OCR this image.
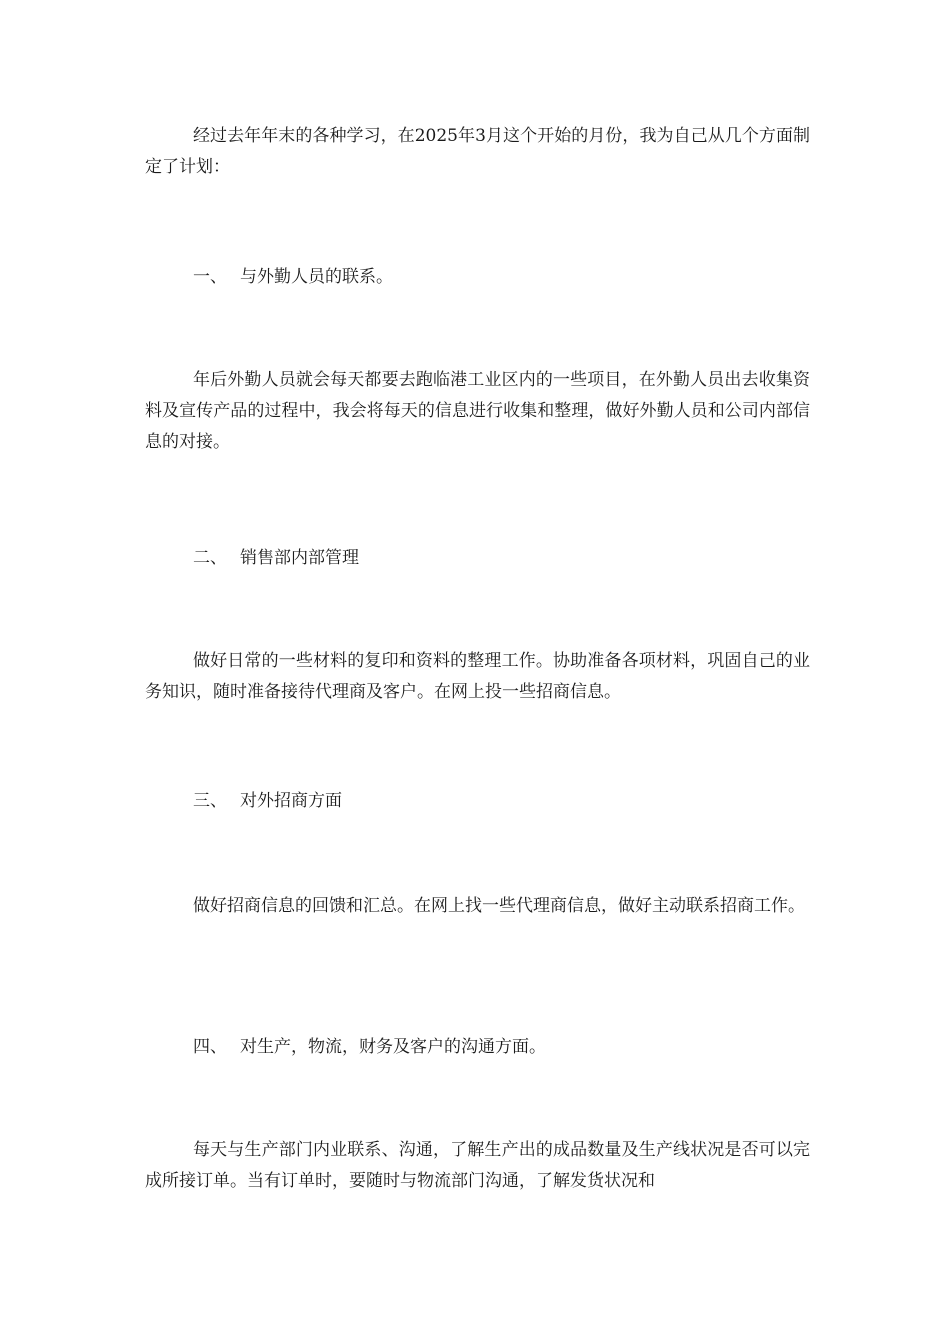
经过去年年末的各种学习，在2025年3月这个开始的月份，我为自己从几个方面制定了计划：

一、 与外勤人员的联系。

年后外勤人员就会每天都要去跑临港工业区内的一些项目，在外勤人员出去收集资料及宣传产品的过程中，我会将每天的信息进行收集和整理，做好外勤人员和公司内部信息的对接。

二、 销售部内部管理

做好日常的一些材料的复印和资料的整理工作。协助准备各项材料，巩固自己的业务知识，随时准备接待代理商及客户。在网上投一些招商信息。

三、 对外招商方面

做好招商信息的回馈和汇总。在网上找一些代理商信息，做好主动联系招商工作。

四、 对生产，物流，财务及客户的沟通方面。

每天与生产部门内业联系、沟通，了解生产出的成品数量及生产线状况是否可以完成所接订单。当有订单时，要随时与物流部门沟通，了解发货状况和
